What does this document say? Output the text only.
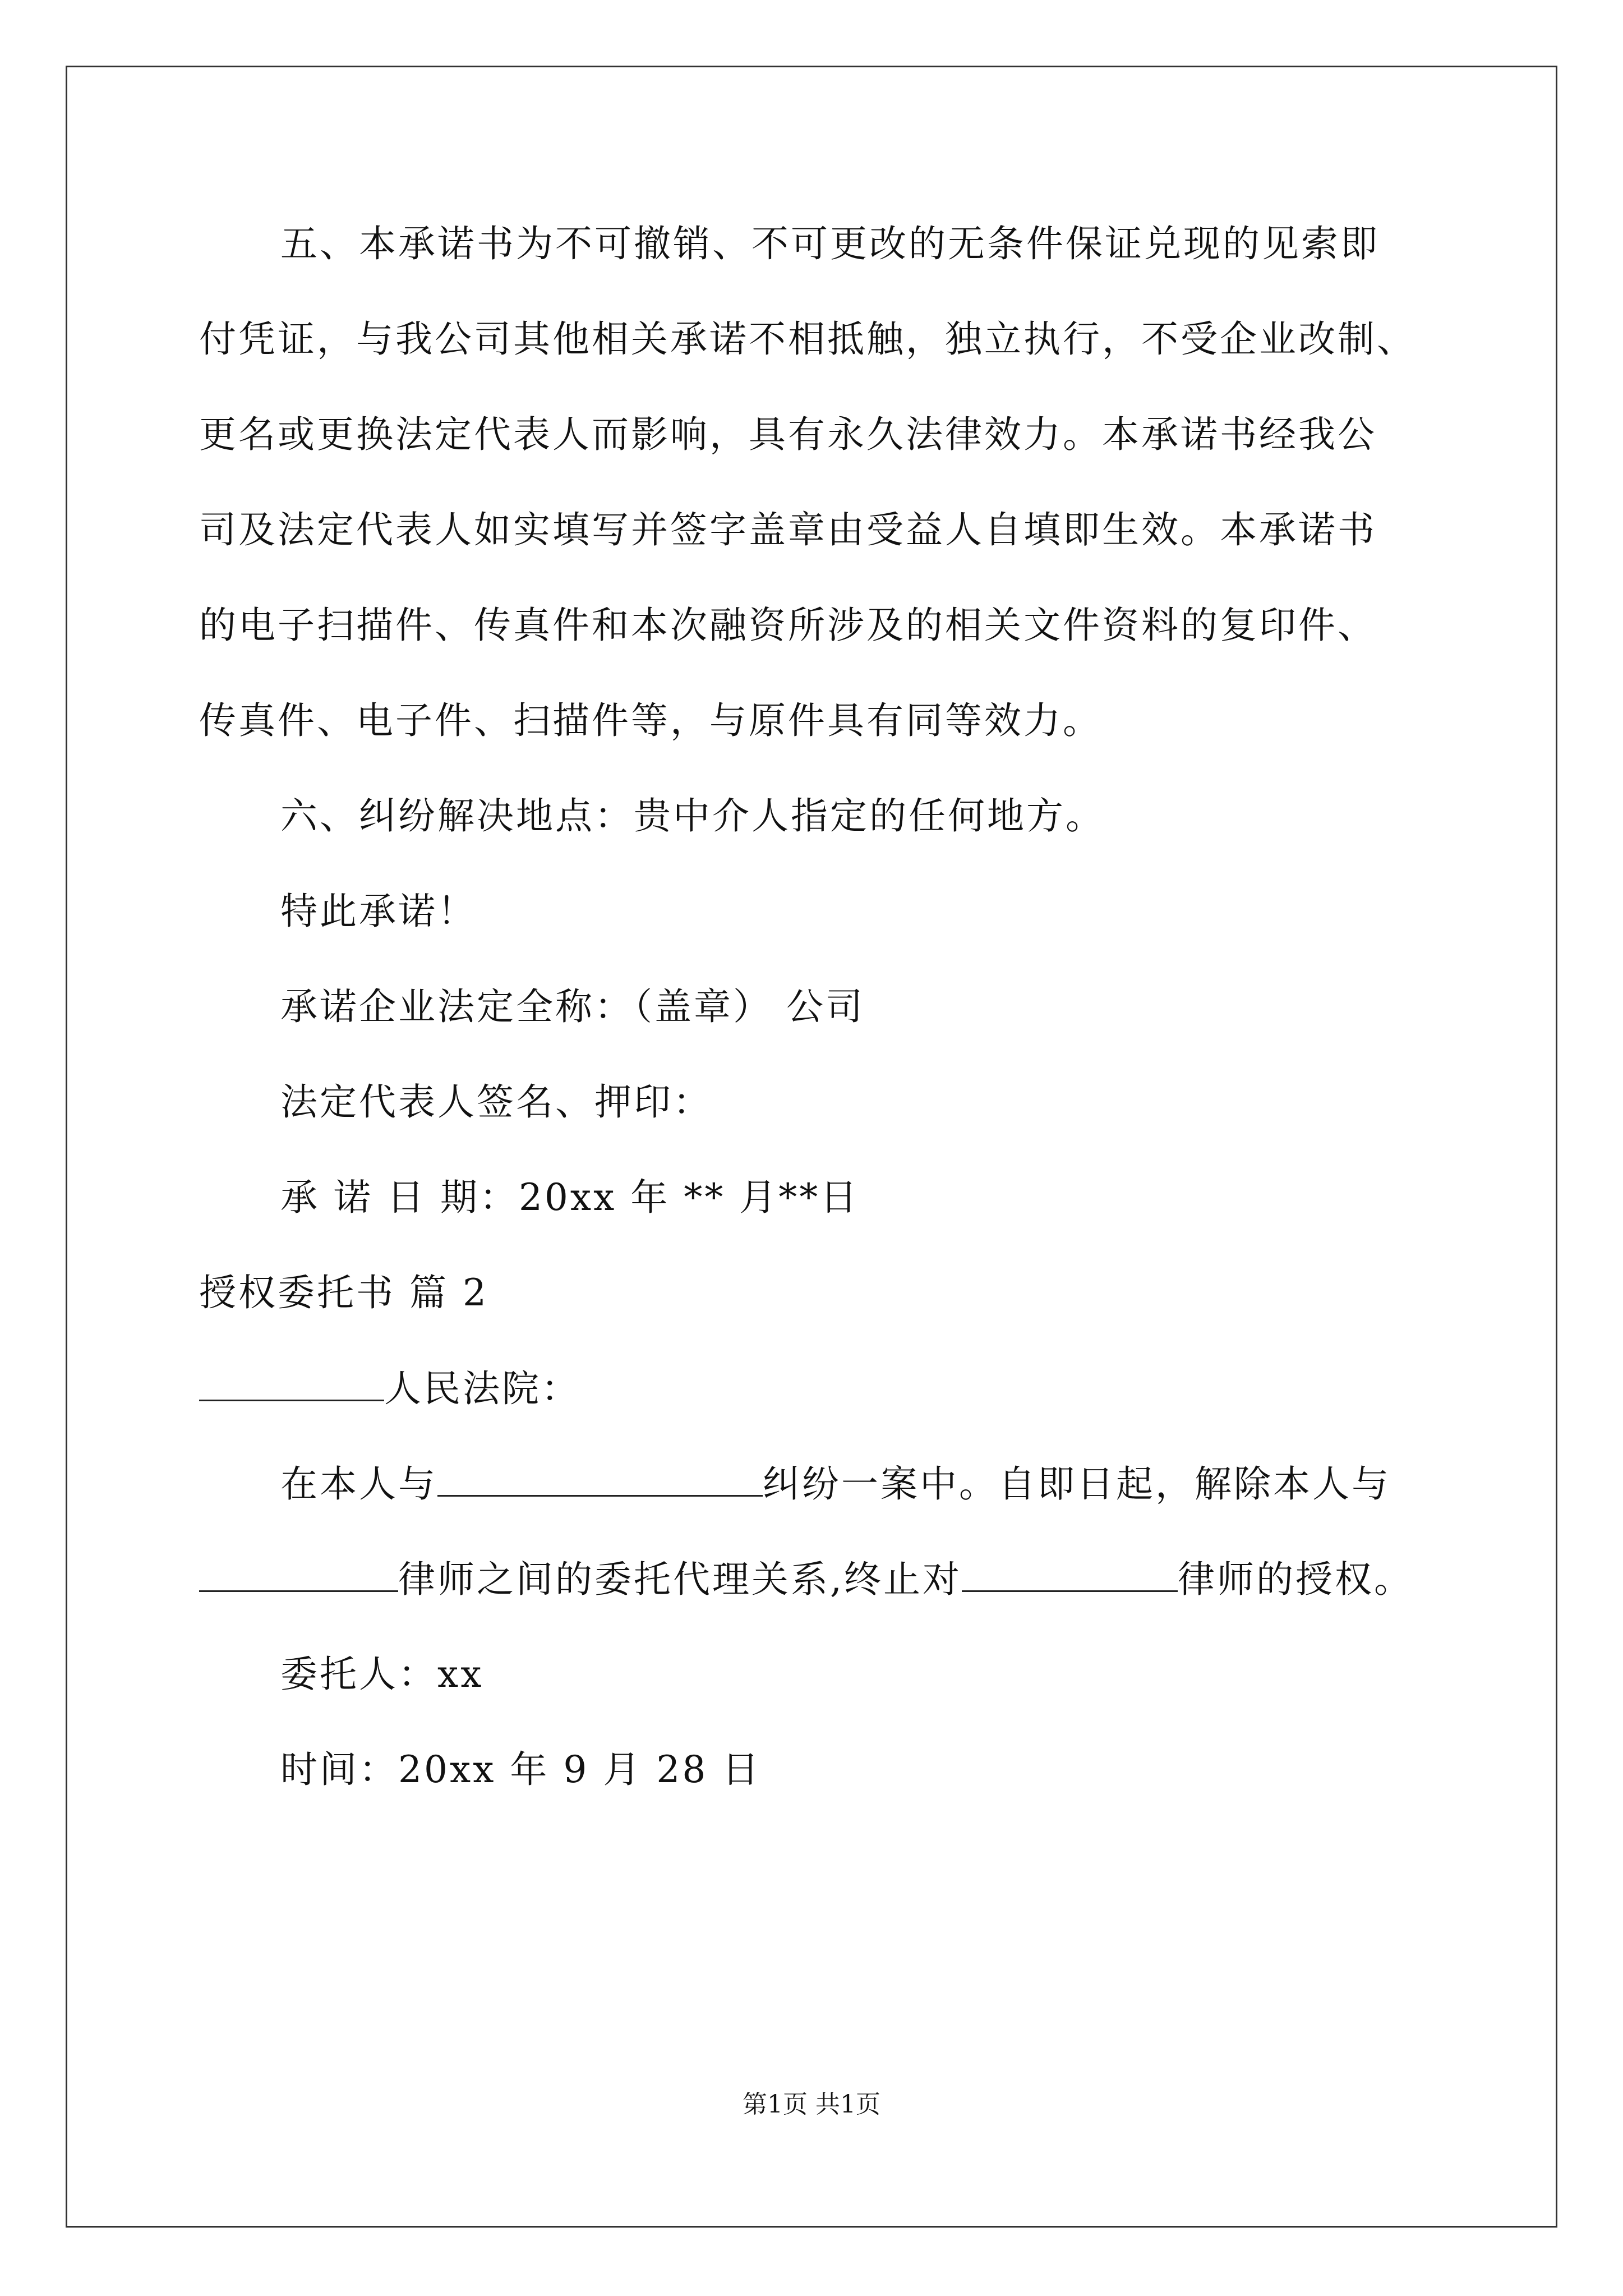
五、本承诺书为不可撤销、不可更改的无条件保证兑现的见索即
付凭证，与我公司其他相关承诺不相抵触，独立执行，不受企业改制、
更名或更换法定代表人而影响，具有永久法律效力。本承诺书经我公
司及法定代表人如实填写并签字盖章由受益人自填即生效。本承诺书
的电子扫描件、传真件和本次融资所涉及的相关文件资料的复印件、
传真件、电子件、扫描件等，与原件具有同等效力。
六、纠纷解决地点：贵中介人指定的任何地方。
特此承诺！
承诺企业法定全称：（盖章） 公司
法定代表人签名、押印：
承 诺 日 期：20xx 年 ** 月**日
授权委托书 篇 2
人民法院：
在本人与	纠纷一案中。自即日起，解除本人与
律师之间的委托代理关系,终止对	律师的授权。
委托人：xx
时间：20xx 年 9 月 28 日
第1页 共1页
